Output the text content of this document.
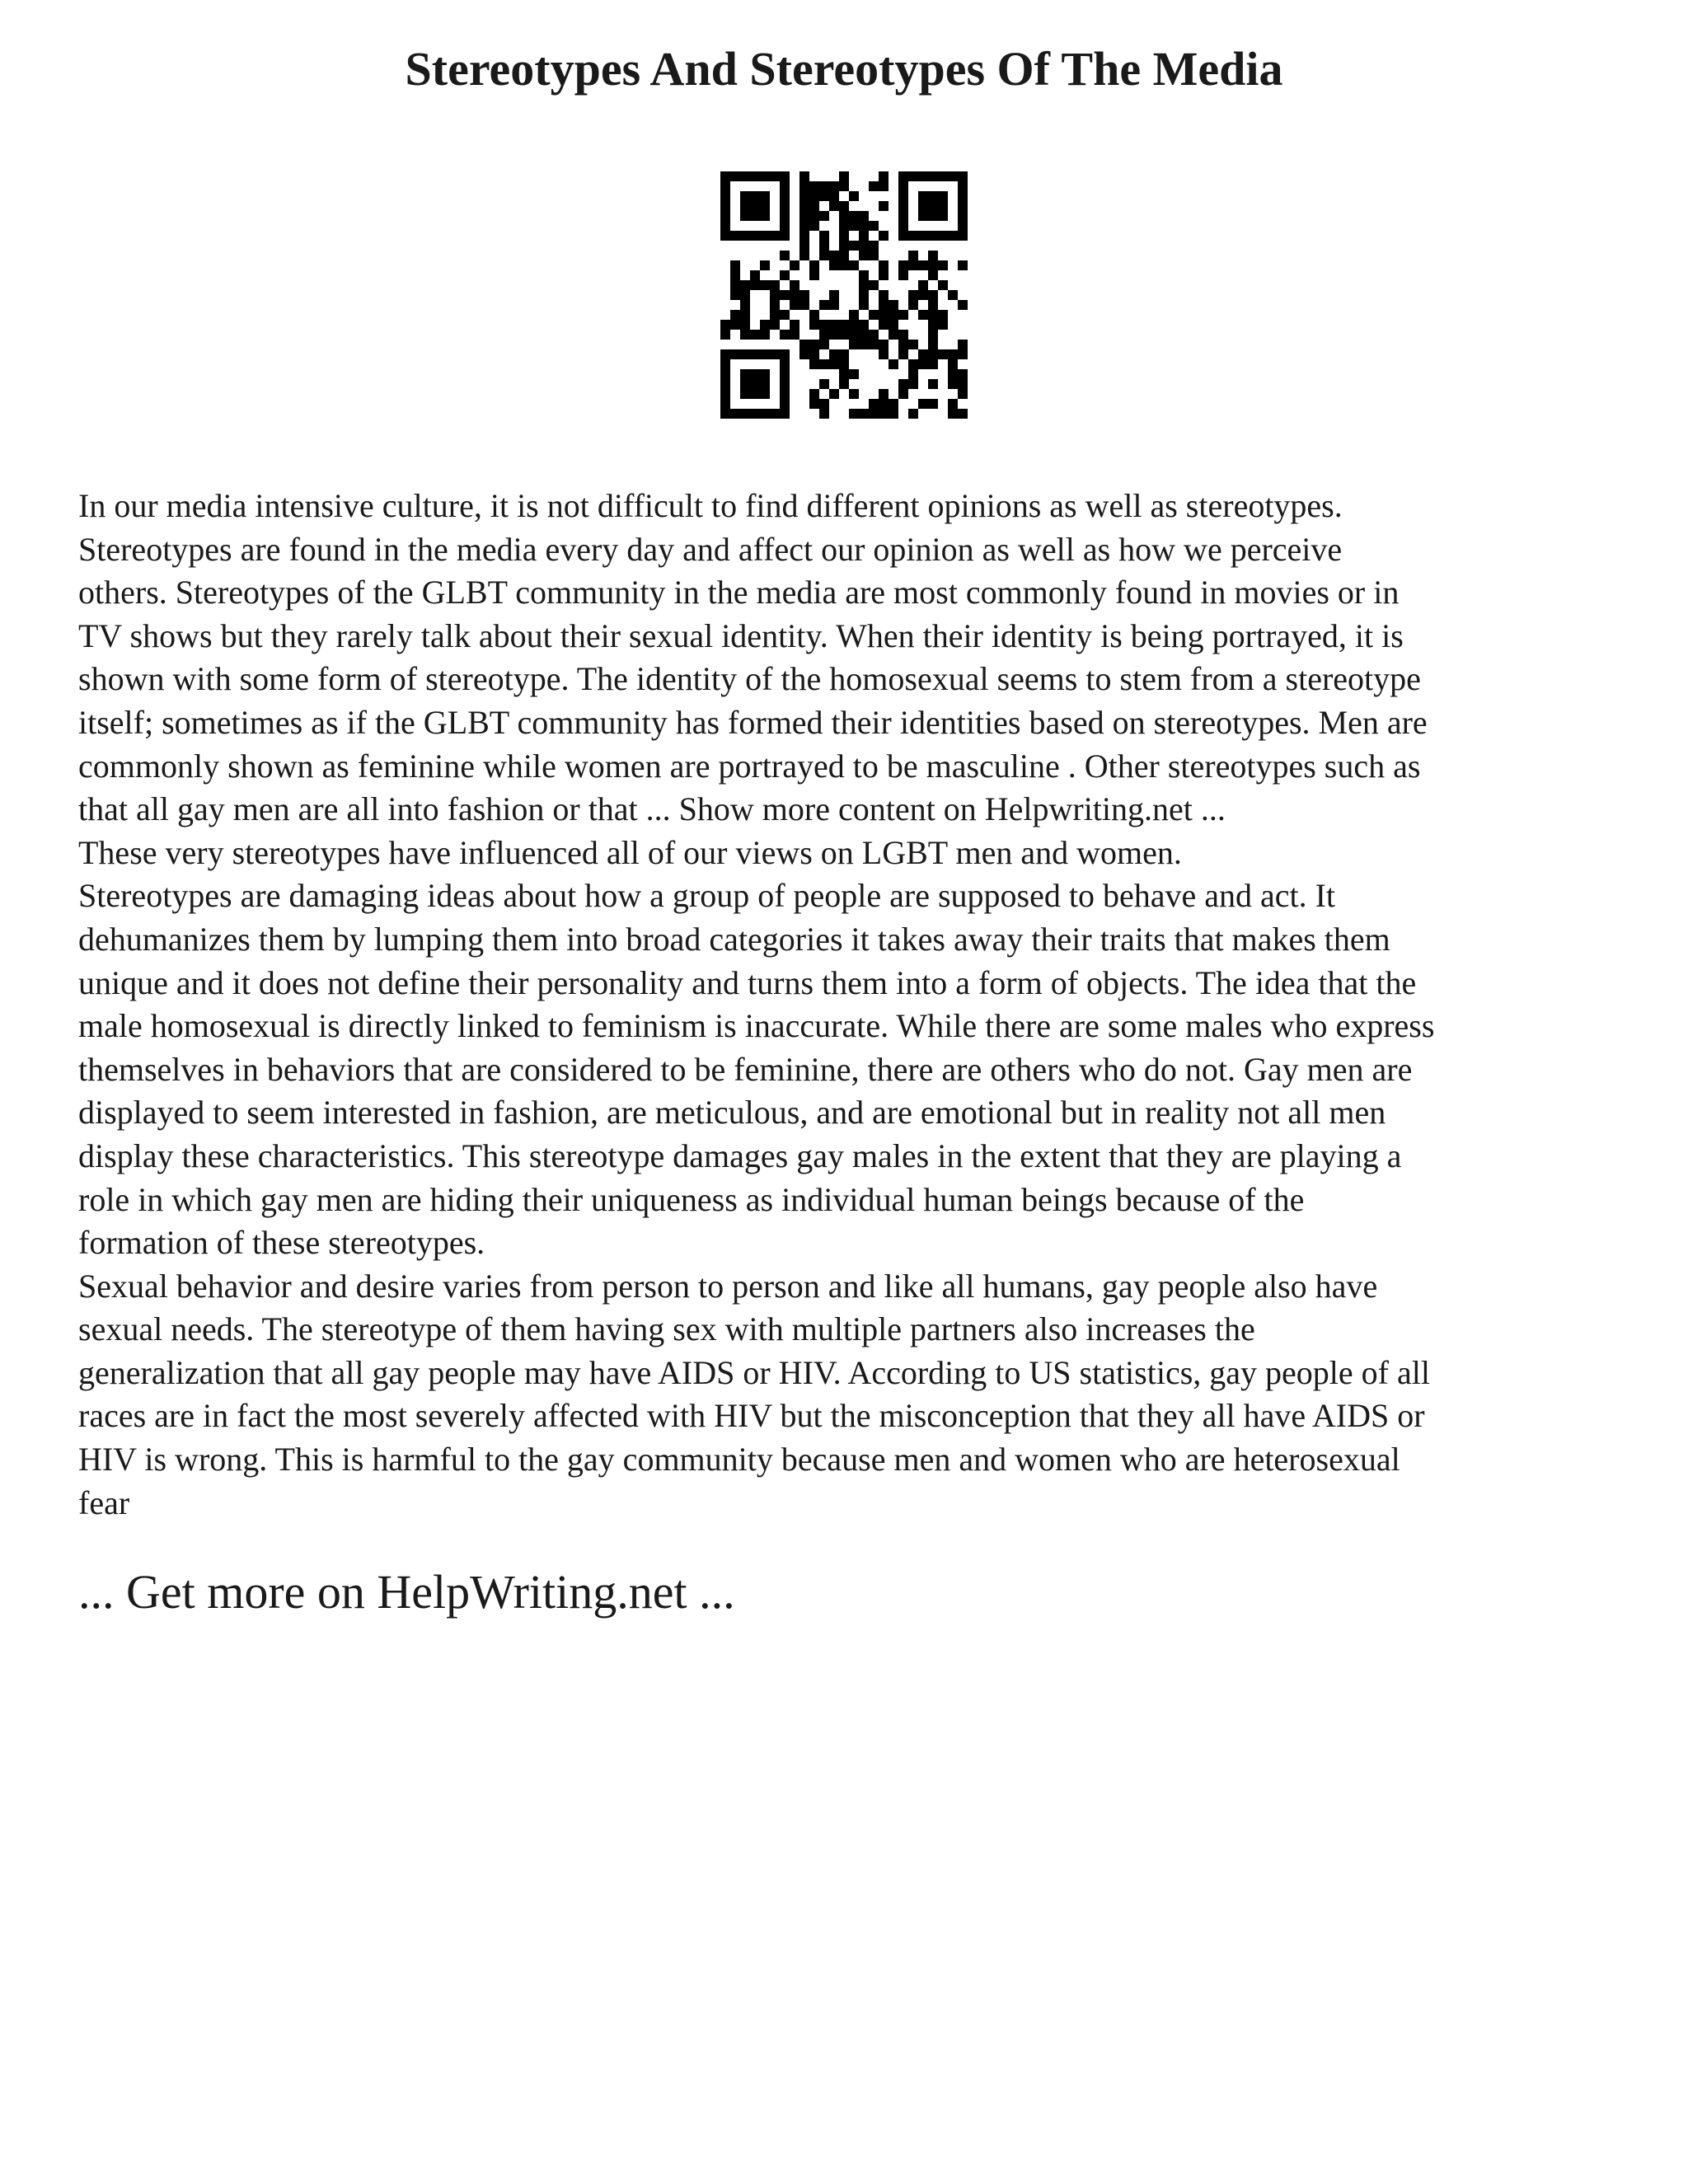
Stereotypes And Stereotypes Of The Media

In our media intensive culture, it is not difficult to find different opinions as well as stereotypes.
Stereotypes are found in the media every day and affect our opinion as well as how we perceive
others. Stereotypes of the GLBT community in the media are most commonly found in movies or in
TV shows but they rarely talk about their sexual identity. When their identity is being portrayed, it is
shown with some form of stereotype. The identity of the homosexual seems to stem from a stereotype
itself; sometimes as if the GLBT community has formed their identities based on stereotypes. Men are
commonly shown as feminine while women are portrayed to be masculine . Other stereotypes such as
that all gay men are all into fashion or that ... Show more content on Helpwriting.net ...

These very stereotypes have influenced all of our views on LGBT men and women.

Stereotypes are damaging ideas about how a group of people are supposed to behave and act. It
dehumanizes them by lumping them into broad categories it takes away their traits that makes them
unique and it does not define their personality and turns them into a form of objects. The idea that the
male homosexual is directly linked to feminism is inaccurate. While there are some males who express
themselves in behaviors that are considered to be feminine, there are others who do not. Gay men are
displayed to seem interested in fashion, are meticulous, and are emotional but in reality not all men
display these characteristics. This stereotype damages gay males in the extent that they are playing a
role in which gay men are hiding their uniqueness as individual human beings because of the
formation of these stereotypes.

Sexual behavior and desire varies from person to person and like all humans, gay people also have
sexual needs. The stereotype of them having sex with multiple partners also increases the
generalization that all gay people may have AIDS or HIV. According to US statistics, gay people of all
races are in fact the most severely affected with HIV but the misconception that they all have AIDS or
HIV is wrong. This is harmful to the gay community because men and women who are heterosexual
fear

... Get more on HelpWriting.net ...
